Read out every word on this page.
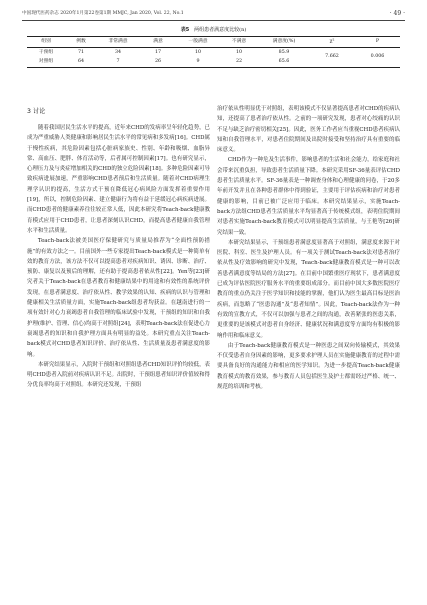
中国现代医药杂志 2020年1月第22卷第1期 MMJC, Jan 2020, Vol. 22, No.1	· 49 ·
表5 两组患者满意度比较(n)
组别	例数	非常满意	满意	一般满意	不满意	满意度(%)	χ²	P
干预组	71	34	17	10	10	85.9	7.662	0.006
对照组	64	7	26	9	22	65.6		
3 讨论

随着我国居民生活水平的提高，近年来CHD的发病率呈年轻化趋势，已成为严重威胁人类健康和影响居民生活水平的常见病和多发病[16]。CHD属于慢性疾病，其危险因素包括心脏病家族史、性别、年龄和吸烟、血脂异常、高血压、肥胖、体育活动等，后者属可控制因素[17]。也有研究显示，心理压力及与炎症增加相关的CHD的独立危险因素[18]。多种危险因素可导致疾病进展加速，严重影响CHD患者预后和生活质量。随着对CHD病理生理学认识的提高，生活方式干预在降低冠心病风险方面发挥着重要作用[19]，所以，控制危险因素、建立健康行为将有益于延缓冠心病疾病进展。而CHD患者的健康素养往往较正常人低，因此本研究将Teach-back健康教育模式应用于CHD患者，让患者深刻认识CHD，而提高患者健康自我管理水平和生活质量。

Teach-back法被美国医疗保健研究与质量局推荐为“全面性预防措施”的有效方法之一。目前国外一些专家提出Teach-back模式是一种简单有效的教育方法，该方法不仅可以提高患者对疾病知识、诱因、诊断、治疗、预防、康复以及预后的理解，还有助于提高患者依从性[22]。Yen等[23]研究者关于Teach-back在患者教育和健康结果中的用途和有效性的系统评价发现，在患者满意度、治疗依从性、教学效果的认知、疾病的认识与管理和健康相关生活质量方面，实施Teach-back组患者均获益。在越南进行的一项有效针对心力衰竭患者自我管理的临床试验中发现，干预组的知识和自我护理(维护、管理、信心)均高于对照组[24]，表明Teach-back法在促进心力衰竭患者的知识和自我护理方面具有明显的益处。本研究重点关注Teach-back模式对CHD患者知识评价、治疗依从性、生活质量及患者满意度的影响。

本研究结果显示，入院时干预组和对照组患者CHD知识评价均较低，表明CHD患者入院前对疾病认识不足。出院时，干预组患者知识评价值较和得分优良率均高于对照组。本研究还发现，干预组

治疗依从性明显优于对照组，表明该模式不仅显著提高患者对CHD的疾病认知，还提高了患者治疗依从性。之前的一项研究发现，患者对心绞痛的认识不足与缺乏治疗密切相关[25]。因此，医务工作者应当重视CHD患者疾病认知和自我管理水平，对患者住院期间及出院时接受和坚持治疗具有重要的临床意义。

CHD作为一种危及生活事件，影响患者的生活和社会能力，给家庭和社会带来沉重负担，导致患者生活质量下降。本研究采用SF-36量表评估CHD患者生活质量水平。SF-36量表是一种调查身体和心理健康的问卷，于20多年前开发并且在各种患者群体中得到验证，主要用于评估疾病和治疗对患者健康的影响，目前已被广泛应用于临床。本研究结果显示，实施Teach-back方法组CHD患者生活质量水平均显著高于传统模式组，表明住院期间对患者实施Teach-back教育模式可以明显提高生活质量，与王艳等[26]研究结果一致。

本研究结果显示，干预组患者满意度显著高于对照组，满意度来源于对医院、科室、医生及护理人员。有一项关于测试Teach-back法对患者治疗依从性及疗效影响的研究中发现，Teach-back健康教育模式是一种可以改善患者满意度等结局的方法[27]。在目前中国繁重医疗现状下，患者满意度已成为评估医院医疗服务水平的重要组成部分。而目前中国大多数医院医疗教育的重点仍关注于医学知识和技能的掌握，他们认为医生最高目标是医治疾病，而忽略了“医患沟通”及“患者知情”。因此，Teach-back法作为一种有效的宣教方式，不仅可以加强与患者之间的沟通，改善紧张的医患关系，更重要的是该模式对患者自身经济、健康状况和满意度等方面均有积极的影响作用和临床意义。

由于Teach-back健康教育模式是一种医患之间双向传输模式，其效果不仅受患者自身因素的影响，更多要求护理人员在实施健康教育的过程中需要具备良好的沟通能力和相应的医学知识。为进一步提高Teach-back健康教育模式的教育效果，参与教育人员包括医生及护士都需经过严格、统一、规范的培训和考核。
